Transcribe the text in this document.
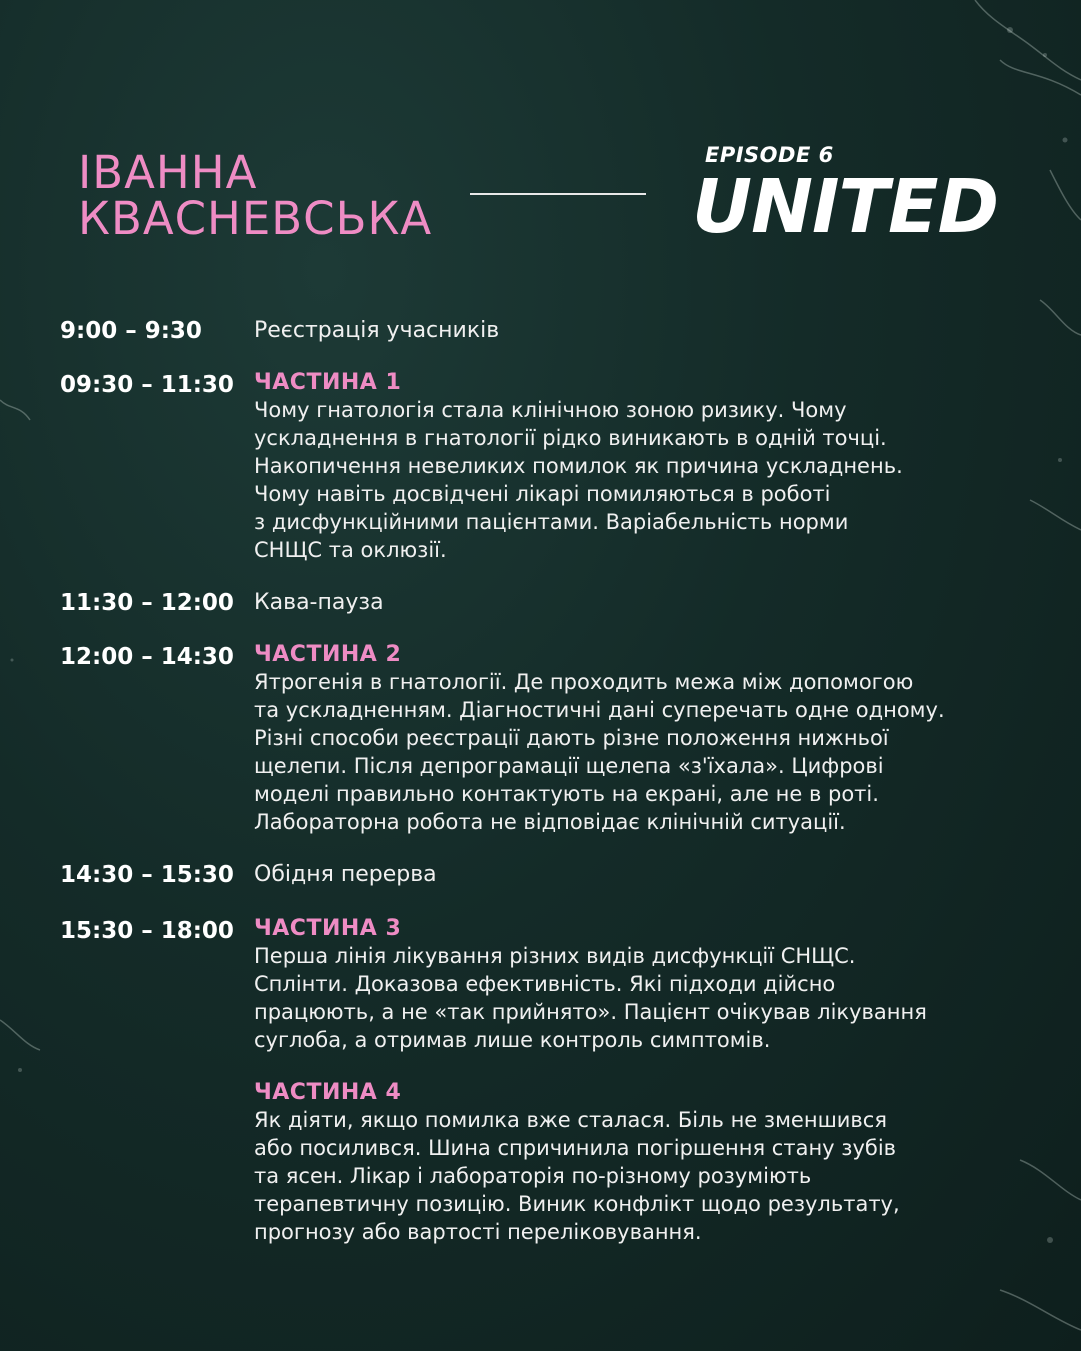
ІВАННА
КВАСНЕВСЬКА
EPISODE 6
UNITED
9:00 – 9:30	Реєстрація учасників
09:30 – 11:30 ЧАСТИНА 1
Чому гнатологія стала клінічною зоною ризику. Чому
ускладнення в гнатології рідко виникають в одній точці.
Накопичення невеликих помилок як причина ускладнень.
Чому навіть досвідчені лікарі помиляються в роботі
з дисфункційними пацієнтами. Варіабельність норми
СНЩС та оклюзії.
11:30 – 12:00 Кава-пауза
12:00 – 14:30 ЧАСТИНА 2
Ятрогенія в гнатології. Де проходить межа між допомогою
та ускладненням. Діагностичні дані суперечать одне одному.
Різні способи реєстрації дають різне положення нижньої
щелепи. Після депрограмації щелепа «з'їхала». Цифрові
моделі правильно контактують на екрані, але не в роті.
Лабораторна робота не відповідає клінічній ситуації.
14:30 – 15:30 Обідня перерва
15:30 – 18:00 ЧАСТИНА 3
Перша лінія лікування різних видів дисфункції СНЩС.
Сплінти. Доказова ефективність. Які підходи дійсно
працюють, а не «так прийнято». Пацієнт очікував лікування
суглоба, а отримав лише контроль симптомів.
ЧАСТИНА 4
Як діяти, якщо помилка вже сталася. Біль не зменшився
або посилився. Шина спричинила погіршення стану зубів
та ясен. Лікар і лабораторія по-різному розуміють
терапевтичну позицію. Виник конфлікт щодо результату,
прогнозу або вартості переліковування.
